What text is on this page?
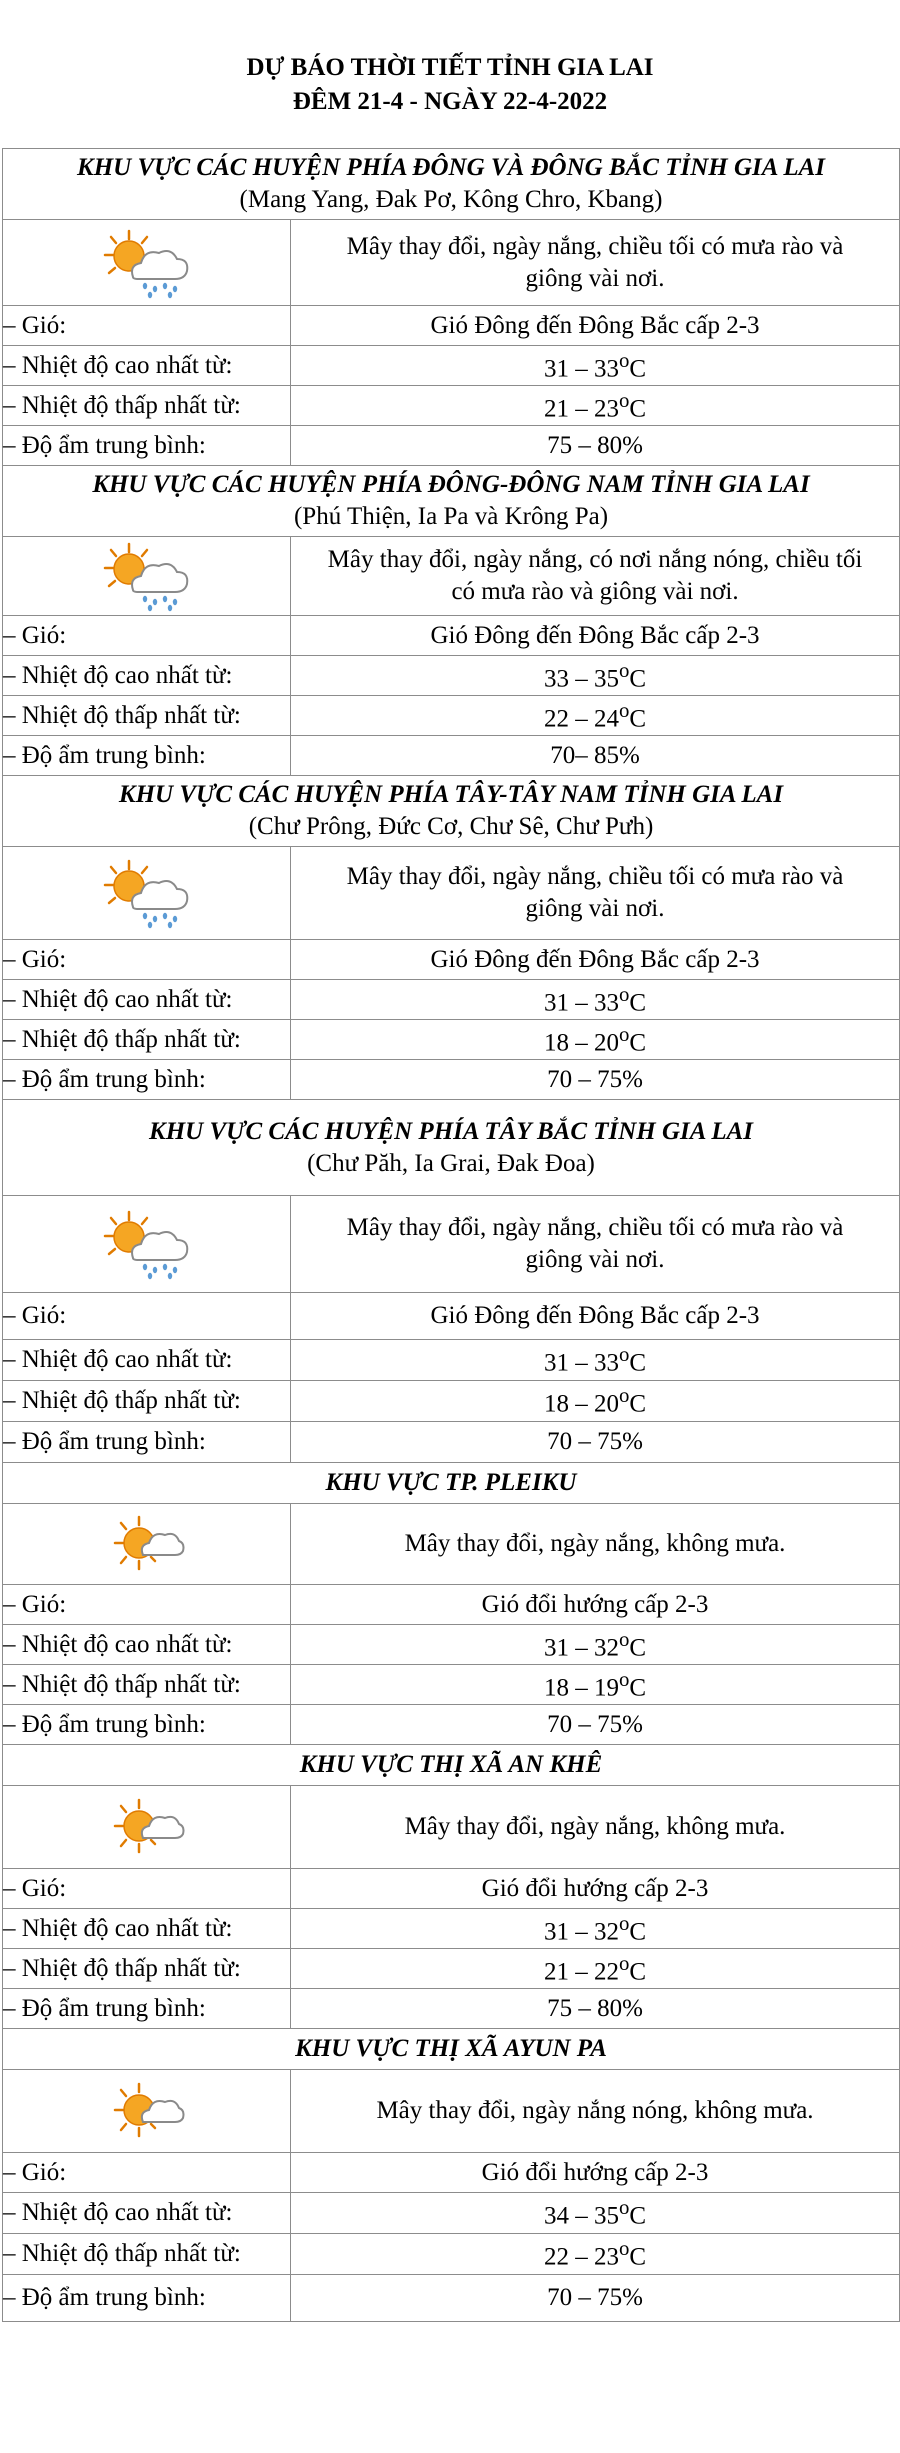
DỰ BÁO THỜI TIẾT TỈNH GIA LAI
ĐÊM 21-4 - NGÀY 22-4-2022
KHU VỰC CÁC HUYỆN PHÍA ĐÔNG VÀ ĐÔNG BẮC TỈNH GIA LAI
(Mang Yang, Đak Pơ, Kông Chro, Kbang)	

	Mây thay đổi, ngày nắng, chiều tối có mưa rào và
giông vài nơi.
– Gió:	Gió Đông đến Đông Bắc cấp 2-3
– Nhiệt độ cao nhất từ:	31 – 33$^o$C
– Nhiệt độ thấp nhất từ:	21 – 23$^o$C
– Độ ẩm trung bình:	75 – 80%

KHU VỰC CÁC HUYỆN PHÍA ĐÔNG-ĐÔNG NAM TỈNH GIA LAI
(Phú Thiện, Ia Pa và Krông Pa)	

	Mây thay đổi, ngày nắng, có nơi nắng nóng, chiều tối
có mưa rào và giông vài nơi.
– Gió:	Gió Đông đến Đông Bắc cấp 2-3
– Nhiệt độ cao nhất từ:	33 – 35$^o$C
– Nhiệt độ thấp nhất từ:	22 – 24$^o$C
– Độ ẩm trung bình:	70– 85%

KHU VỰC CÁC HUYỆN PHÍA TÂY-TÂY NAM TỈNH GIA LAI
(Chư Prông, Đức Cơ, Chư Sê, Chư Pưh)	

	Mây thay đổi, ngày nắng, chiều tối có mưa rào và
giông vài nơi.
– Gió:	Gió Đông đến Đông Bắc cấp 2-3
– Nhiệt độ cao nhất từ:	31 – 33$^o$C
– Nhiệt độ thấp nhất từ:	18 – 20$^o$C
– Độ ẩm trung bình:	70 – 75%

KHU VỰC CÁC HUYỆN PHÍA TÂY BẮC TỈNH GIA LAI
(Chư Păh, Ia Grai, Đak Đoa)	

	Mây thay đổi, ngày nắng, chiều tối có mưa rào và
giông vài nơi.
– Gió:	Gió Đông đến Đông Bắc cấp 2-3
– Nhiệt độ cao nhất từ:	31 – 33$^o$C
– Nhiệt độ thấp nhất từ:	18 – 20$^o$C
– Độ ẩm trung bình:	70 – 75%

KHU VỰC TP. PLEIKU	

	Mây thay đổi, ngày nắng, không mưa.
– Gió:	Gió đổi hướng cấp 2-3
– Nhiệt độ cao nhất từ:	31 – 32$^o$C
– Nhiệt độ thấp nhất từ:	18 – 19$^o$C
– Độ ẩm trung bình:	70 – 75%

KHU VỰC THỊ XÃ AN KHÊ	

	Mây thay đổi, ngày nắng, không mưa.
– Gió:	Gió đổi hướng cấp 2-3
– Nhiệt độ cao nhất từ:	31 – 32$^o$C
– Nhiệt độ thấp nhất từ:	21 – 22$^o$C
– Độ ẩm trung bình:	75 – 80%

KHU VỰC THỊ XÃ AYUN PA	

	Mây thay đổi, ngày nắng nóng, không mưa.
– Gió:	Gió đổi hướng cấp 2-3
– Nhiệt độ cao nhất từ:	34 – 35$^o$C
– Nhiệt độ thấp nhất từ:	22 – 23$^o$C
– Độ ẩm trung bình:	70 – 75%
